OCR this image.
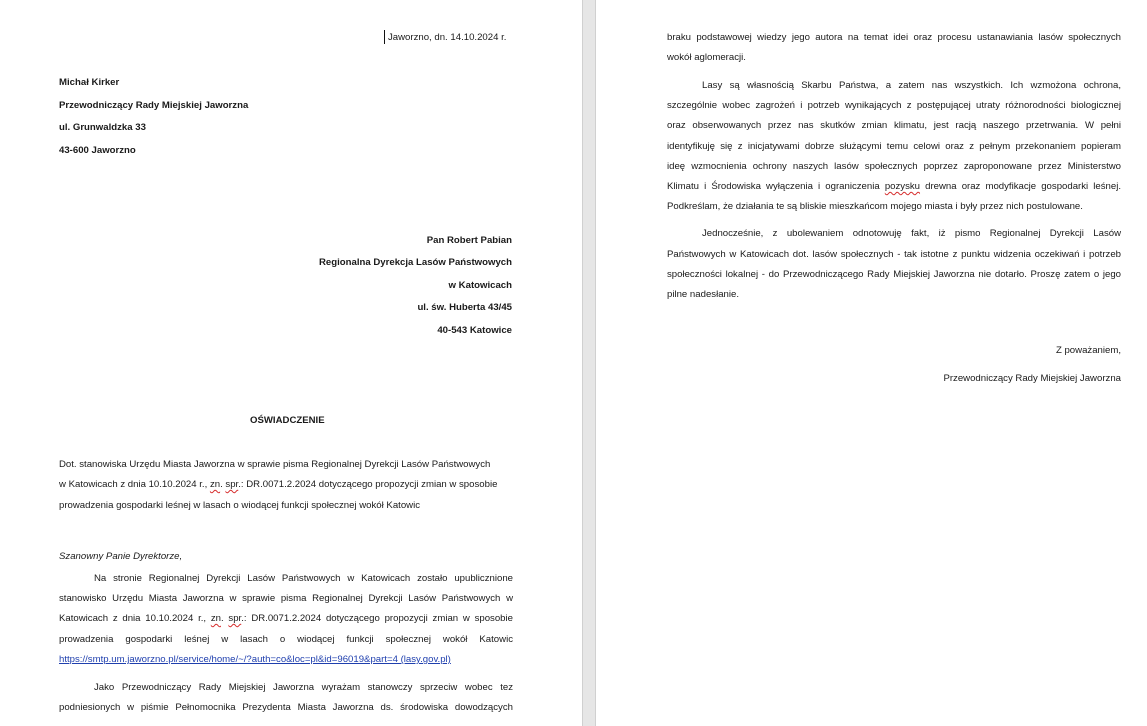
Jaworzno, dn. 14.10.2024 r.
Michał Kirker
Przewodniczący Rady Miejskiej Jaworzna
ul. Grunwaldzka 33
43-600 Jaworzno
Pan Robert Pabian
Regionalna Dyrekcja Lasów Państwowych
w Katowicach
ul. św. Huberta 43/45
40-543 Katowice
OŚWIADCZENIE
Dot. stanowiska Urzędu Miasta Jaworzna w sprawie pisma Regionalnej Dyrekcji Lasów Państwowych
w Katowicach z dnia 10.10.2024 r., zn. spr.: DR.0071.2.2024 dotyczącego propozycji zmian w sposobie
prowadzenia gospodarki leśnej w lasach o wiodącej funkcji społecznej wokół Katowic
Szanowny Panie Dyrektorze,
Na stronie Regionalnej Dyrekcji Lasów Państwowych w Katowicach zostało upublicznione
stanowisko Urzędu Miasta Jaworzna w sprawie pisma Regionalnej Dyrekcji Lasów Państwowych w
Katowicach z dnia 10.10.2024 r., zn. spr.: DR.0071.2.2024 dotyczącego propozycji zmian w sposobie
prowadzenia gospodarki leśnej w lasach o wiodącej funkcji społecznej wokół Katowic
https://smtp.um.jaworzno.pl/service/home/~/?auth=co&loc=pl&id=96019&part=4 (lasy.gov.pl)
Jako Przewodniczący Rady Miejskiej Jaworzna wyrażam stanowczy sprzeciw wobec tez
podniesionych w piśmie Pełnomocnika Prezydenta Miasta Jaworzna ds. środowiska dowodzących
braku podstawowej wiedzy jego autora na temat idei oraz procesu ustanawiania lasów społecznych
wokół aglomeracji.
Lasy są własnością Skarbu Państwa, a zatem nas wszystkich. Ich wzmożona ochrona,
szczególnie wobec zagrożeń i potrzeb wynikających z postępującej utraty różnorodności biologicznej
oraz obserwowanych przez nas skutków zmian klimatu, jest racją naszego przetrwania. W pełni
identyfikuję się z inicjatywami dobrze służącymi temu celowi oraz z pełnym przekonaniem popieram
ideę wzmocnienia ochrony naszych lasów społecznych poprzez zaproponowane przez Ministerstwo
Klimatu i Środowiska wyłączenia i ograniczenia pozysku drewna oraz modyfikacje gospodarki leśnej.
Podkreślam, że działania te są bliskie mieszkańcom mojego miasta i były przez nich postulowane.
Jednocześnie, z ubolewaniem odnotowuję fakt, iż pismo Regionalnej Dyrekcji Lasów
Państwowych w Katowicach dot. lasów społecznych - tak istotne z punktu widzenia oczekiwań i potrzeb
społeczności lokalnej - do Przewodniczącego Rady Miejskiej Jaworzna nie dotarło. Proszę zatem o jego
pilne nadesłanie.
Z poważaniem,
Przewodniczący Rady Miejskiej Jaworzna
